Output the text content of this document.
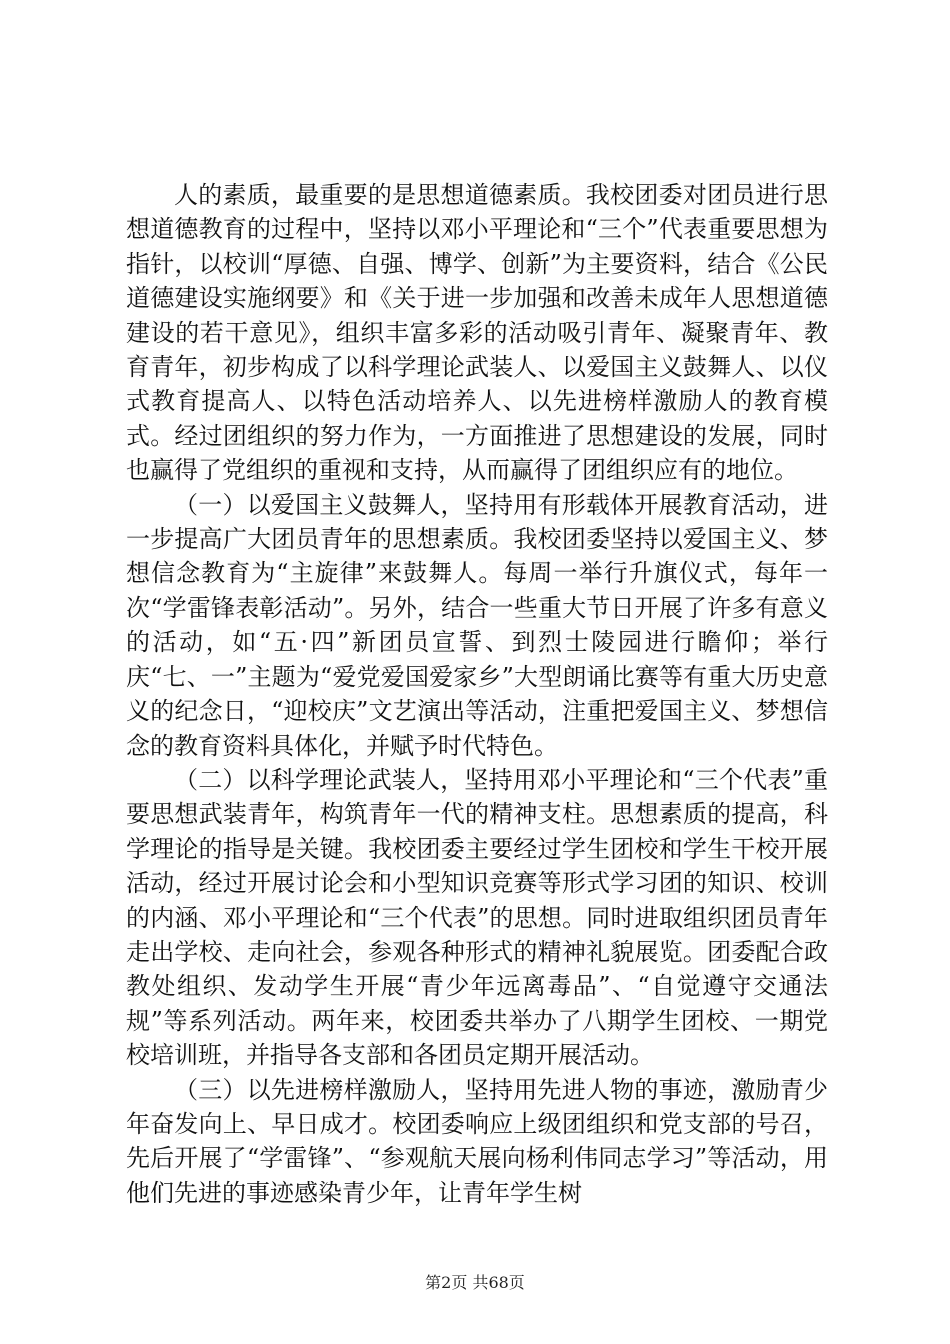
人的素质，最重要的是思想道德素质。我校团委对团员进行思想道德教育的过程中，坚持以邓小平理论和“三个”代表重要思想为指针，以校训“厚德、自强、博学、创新”为主要资料，结合《公民道德建设实施纲要》和《关于进一步加强和改善未成年人思想道德建设的若干意见》，组织丰富多彩的活动吸引青年、凝聚青年、教育青年，初步构成了以科学理论武装人、以爱国主义鼓舞人、以仪式教育提高人、以特色活动培养人、以先进榜样激励人的教育模式。经过团组织的努力作为，一方面推进了思想建设的发展，同时也赢得了党组织的重视和支持，从而赢得了团组织应有的地位。

（一）以爱国主义鼓舞人，坚持用有形载体开展教育活动，进一步提高广大团员青年的思想素质。我校团委坚持以爱国主义、梦想信念教育为“主旋律”来鼓舞人。每周一举行升旗仪式，每年一次“学雷锋表彰活动”。另外，结合一些重大节日开展了许多有意义的活动，如“五·四”新团员宣誓、到烈士陵园进行瞻仰；举行庆“七、一”主题为“爱党爱国爱家乡”大型朗诵比赛等有重大历史意义的纪念日，“迎校庆”文艺演出等活动，注重把爱国主义、梦想信念的教育资料具体化，并赋予时代特色。

（二）以科学理论武装人，坚持用邓小平理论和“三个代表”重要思想武装青年，构筑青年一代的精神支柱。思想素质的提高，科学理论的指导是关键。我校团委主要经过学生团校和学生干校开展活动，经过开展讨论会和小型知识竞赛等形式学习团的知识、校训的内涵、邓小平理论和“三个代表”的思想。同时进取组织团员青年走出学校、走向社会，参观各种形式的精神礼貌展览。团委配合政教处组织、发动学生开展“青少年远离毒品”、“自觉遵守交通法规”等系列活动。两年来，校团委共举办了八期学生团校、一期党校培训班，并指导各支部和各团员定期开展活动。

（三）以先进榜样激励人，坚持用先进人物的事迹，激励青少年奋发向上、早日成才。校团委响应上级团组织和党支部的号召，先后开展了“学雷锋”、“参观航天展向杨利伟同志学习”等活动，用他们先进的事迹感染青少年，让青年学生树

第2页 共68页
